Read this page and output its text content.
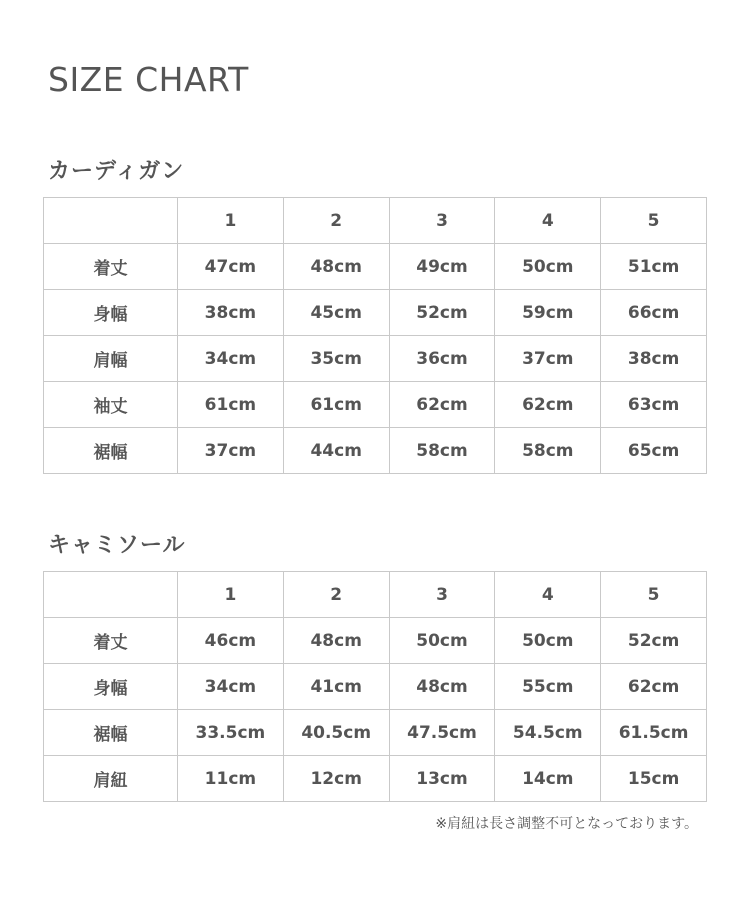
SIZE CHART
カーディガン
	1	2	3	4	5
着丈	47cm	48cm	49cm	50cm	51cm
身幅	38cm	45cm	52cm	59cm	66cm
肩幅	34cm	35cm	36cm	37cm	38cm
袖丈	61cm	61cm	62cm	62cm	63cm
裾幅	37cm	44cm	58cm	58cm	65cm
キャミソール
	1	2	3	4	5
着丈	46cm	48cm	50cm	50cm	52cm
身幅	34cm	41cm	48cm	55cm	62cm
裾幅	33.5cm	40.5cm	47.5cm	54.5cm	61.5cm
肩紐	11cm	12cm	13cm	14cm	15cm

※肩紐は長さ調整不可となっております。
